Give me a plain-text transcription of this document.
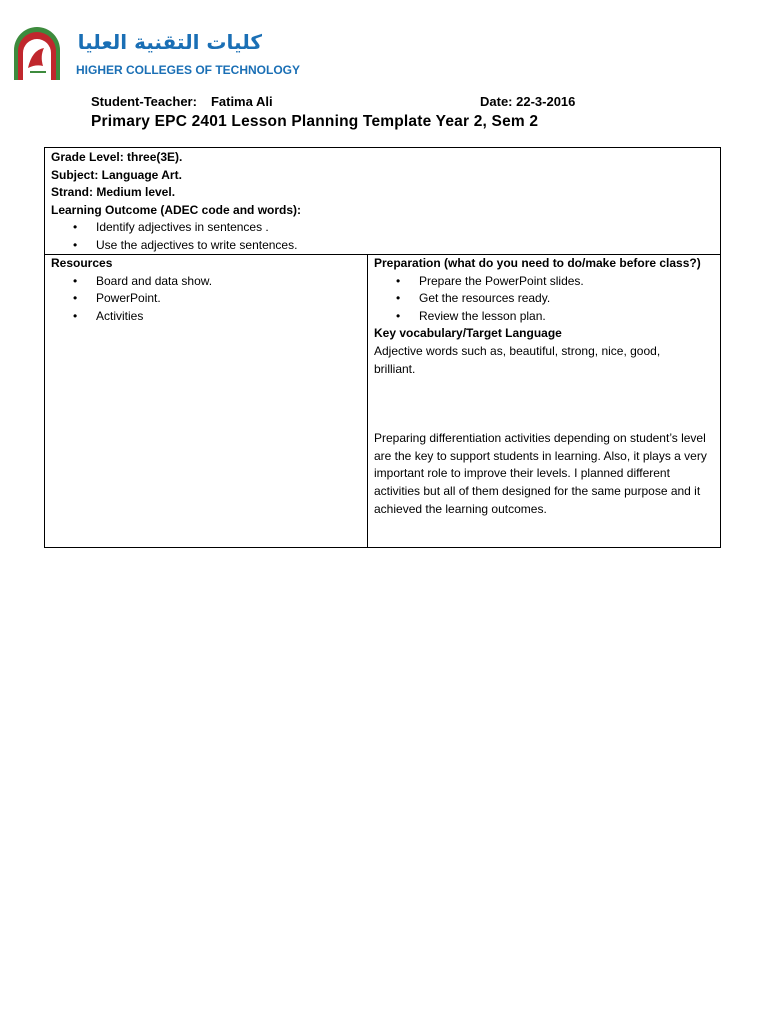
كليات التقنية العليا
HIGHER COLLEGES OF TECHNOLOGY
Student-Teacher: Fatima Ali	Date: 22-3-2016
Primary EPC 2401 Lesson Planning Template Year 2, Sem 2
Grade Level: three(3E).
Subject: Language Art.
Strand: Medium level.
Learning Outcome (ADEC code and words):
• Identify adjectives in sentences .
• Use the adjectives to write sentences.
Resources
• Board and data show.
• PowerPoint.
• Activities
Preparation (what do you need to do/make before class?)
• Prepare the PowerPoint slides.
• Get the resources ready.
• Review the lesson plan.
Key vocabulary/Target Language
Adjective words such as, beautiful, strong, nice, good, brilliant.
Preparing differentiation activities depending on student’s level are the key to support students in learning. Also, it plays a very important role to improve their levels. I planned different activities but all of them designed for the same purpose and it achieved the learning outcomes.
